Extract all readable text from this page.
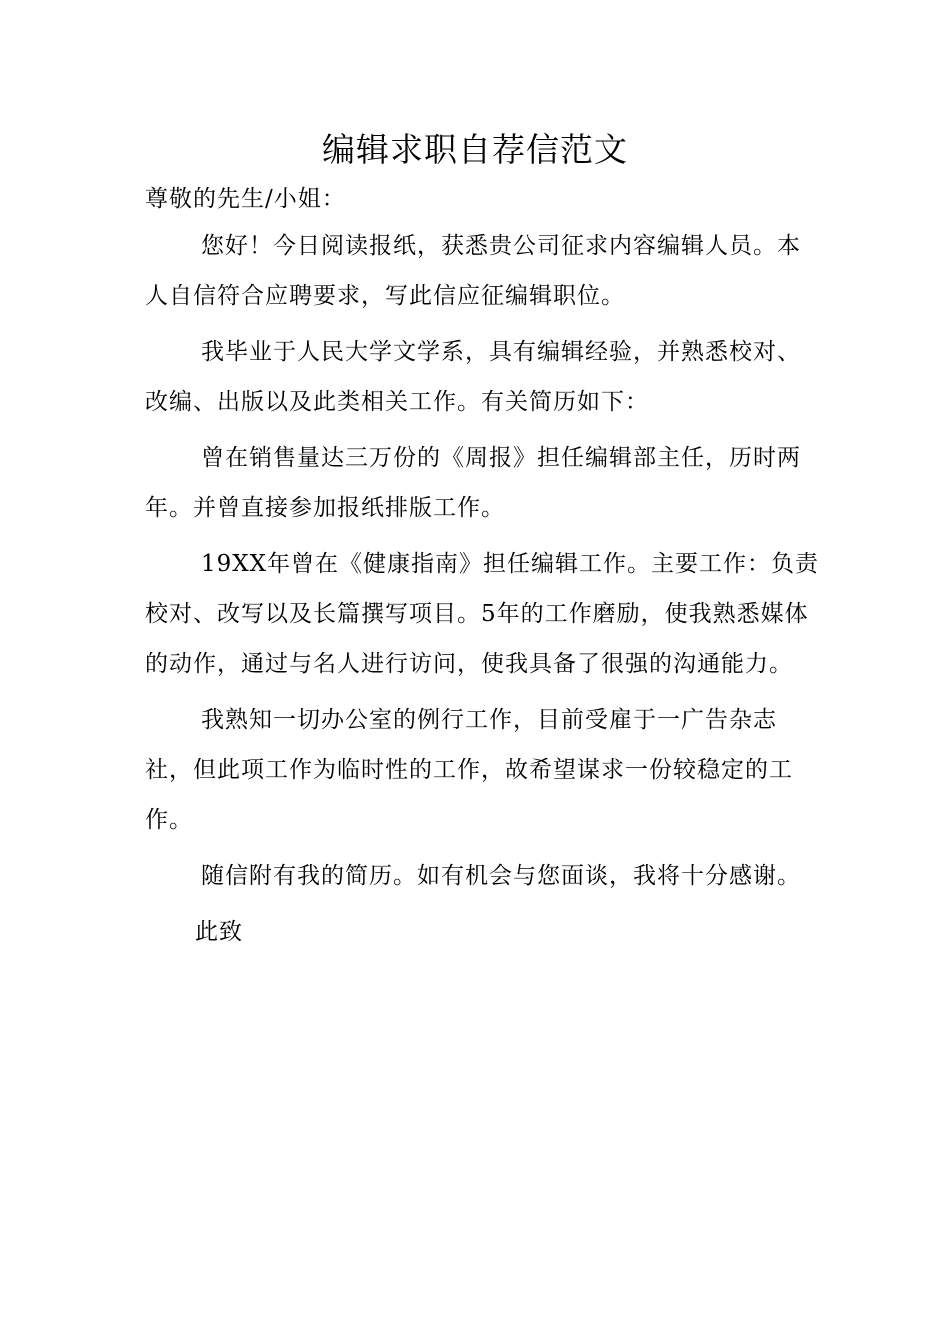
编辑求职自荐信范文

尊敬的先生/小姐：

您好！今日阅读报纸，获悉贵公司征求内容编辑人员。本人自信符合应聘要求，写此信应征编辑职位。

我毕业于人民大学文学系，具有编辑经验，并熟悉校对、改编、出版以及此类相关工作。有关简历如下：

曾在销售量达三万份的《周报》担任编辑部主任，历时两年。并曾直接参加报纸排版工作。

19XX年曾在《健康指南》担任编辑工作。主要工作：负责校对、改写以及长篇撰写项目。5年的工作磨励，使我熟悉媒体的动作，通过与名人进行访问，使我具备了很强的沟通能力。

我熟知一切办公室的例行工作，目前受雇于一广告杂志社，但此项工作为临时性的工作，故希望谋求一份较稳定的工作。

随信附有我的简历。如有机会与您面谈，我将十分感谢。

此致
